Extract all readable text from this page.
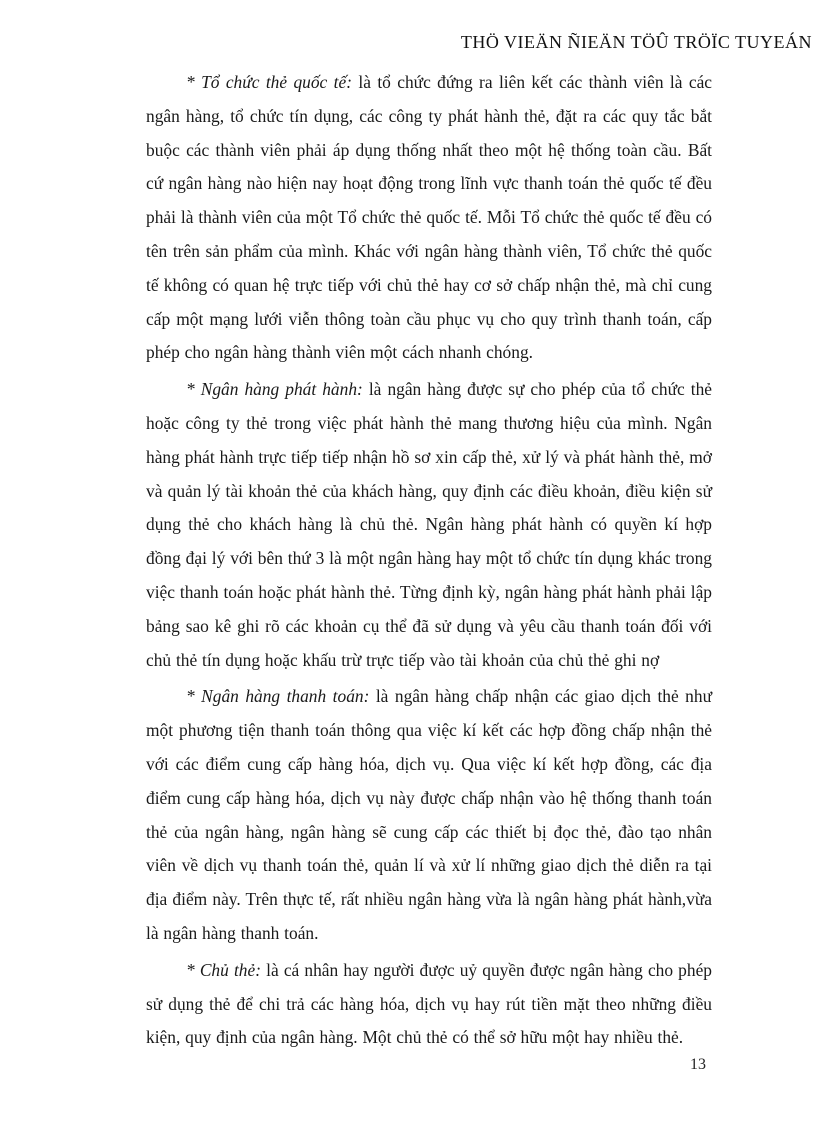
THÖ VIEÄN ÑIEÄN TÖÛ TRÖÏC TUYEÁN

* Tổ chức thẻ quốc tế: là tổ chức đứng ra liên kết các thành viên là các ngân hàng, tổ chức tín dụng, các công ty phát hành thẻ, đặt ra các quy tắc bắt buộc các thành viên phải áp dụng thống nhất theo một hệ thống toàn cầu. Bất cứ ngân hàng nào hiện nay hoạt động trong lĩnh vực thanh toán thẻ quốc tế đều phải là thành viên của một Tổ chức thẻ quốc tế. Mỗi Tổ chức thẻ quốc tế đều có tên trên sản phẩm của mình. Khác với ngân hàng thành viên, Tổ chức thẻ quốc tế không có quan hệ trực tiếp với chủ thẻ hay cơ sở chấp nhận thẻ, mà chỉ cung cấp một mạng lưới viễn thông toàn cầu phục vụ cho quy trình thanh toán, cấp phép cho ngân hàng thành viên một cách nhanh chóng.

* Ngân hàng phát hành: là ngân hàng được sự cho phép của tổ chức thẻ hoặc công ty thẻ trong việc phát hành thẻ mang thương hiệu của mình. Ngân hàng phát hành trực tiếp tiếp nhận hồ sơ xin cấp thẻ, xử lý và phát hành thẻ, mở và quản lý tài khoản thẻ của khách hàng, quy định các điều khoản, điều kiện sử dụng thẻ cho khách hàng là chủ thẻ. Ngân hàng phát hành có quyền kí hợp đồng đại lý với bên thứ 3 là một ngân hàng hay một tổ chức tín dụng khác trong việc thanh toán hoặc phát hành thẻ. Từng định kỳ, ngân hàng phát hành phải lập bảng sao kê ghi rõ các khoản cụ thể đã sử dụng và yêu cầu thanh toán đối với chủ thẻ tín dụng hoặc khấu trừ trực tiếp vào tài khoản của chủ thẻ ghi nợ

* Ngân hàng thanh toán: là ngân hàng chấp nhận các giao dịch thẻ như một phương tiện thanh toán thông qua việc kí kết các hợp đồng chấp nhận thẻ với các điểm cung cấp hàng hóa, dịch vụ. Qua việc kí kết hợp đồng, các địa điểm cung cấp hàng hóa, dịch vụ này được chấp nhận vào hệ thống thanh toán thẻ của ngân hàng, ngân hàng sẽ cung cấp các thiết bị đọc thẻ, đào tạo nhân viên về dịch vụ thanh toán thẻ, quản lí và xử lí những giao dịch thẻ diễn ra tại địa điểm này. Trên thực tế, rất nhiều ngân hàng vừa là ngân hàng phát hành,vừa là ngân hàng thanh toán.

* Chủ thẻ: là cá nhân hay người được uỷ quyền được ngân hàng cho phép sử dụng thẻ để chi trả các hàng hóa, dịch vụ hay rút tiền mặt theo những điều kiện, quy định của ngân hàng. Một chủ thẻ có thể sở hữu một hay nhiều thẻ.

13
